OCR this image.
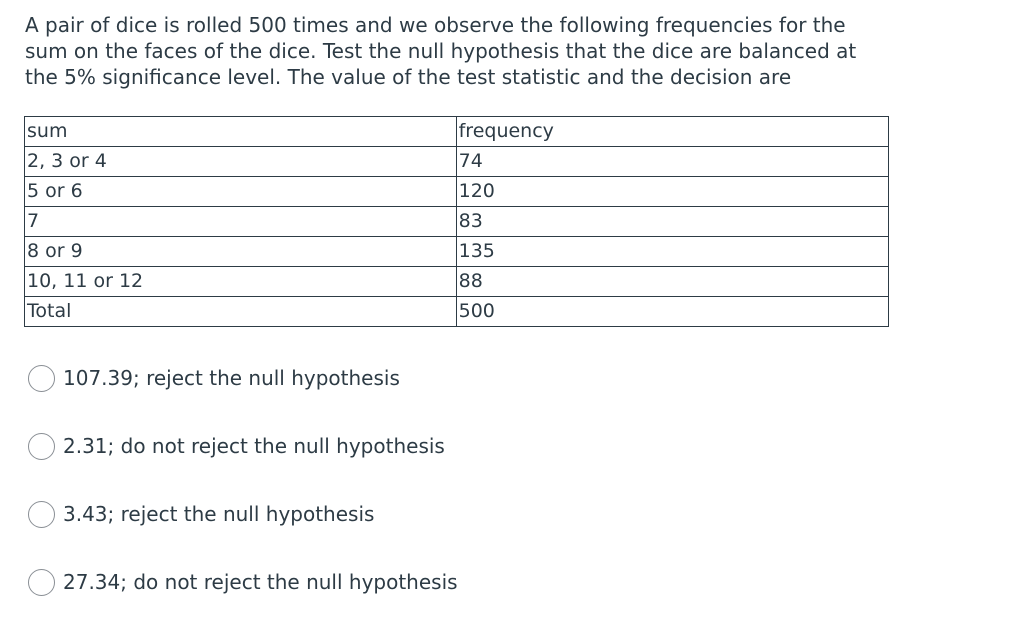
A pair of dice is rolled 500 times and we observe the following frequencies for the sum on the faces of the dice. Test the null hypothesis that the dice are balanced at the 5% significance level. The value of the test statistic and the decision are

sum	frequency
2, 3 or 4	74
5 or 6	120
7	83
8 or 9	135
10, 11 or 12	88
Total	500
107.39; reject the null hypothesis
2.31; do not reject the null hypothesis
3.43; reject the null hypothesis
27.34; do not reject the null hypothesis
